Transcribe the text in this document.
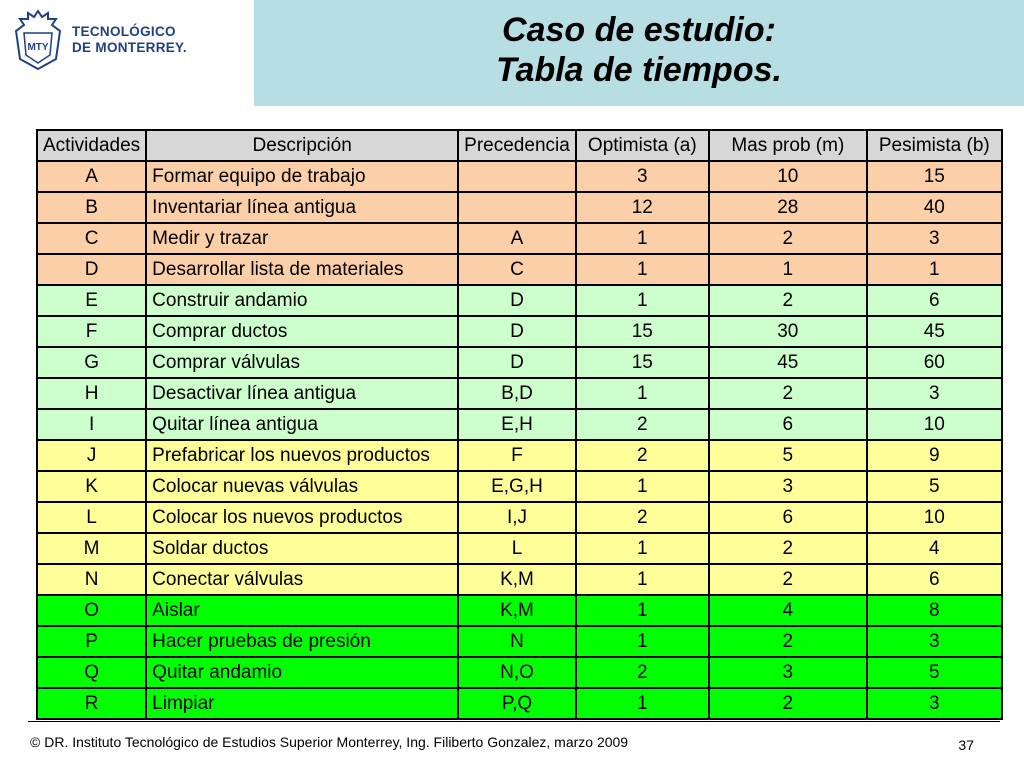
MTY
TECNOLÓGICO
DE MONTERREY.	Caso de estudio:
Tabla de tiempos.
Actividades	Descripción	Precedencia	Optimista (a)	Mas prob (m)	Pesimista (b)
A	Formar equipo de trabajo		3	10	15
B	Inventariar línea antigua		12	28	40
C	Medir y trazar	A	1	2	3
D	Desarrollar lista de materiales	C	1	1	1
E	Construir andamio	D	1	2	6
F	Comprar ductos	D	15	30	45
G	Comprar válvulas	D	15	45	60
H	Desactivar línea antigua	B,D	1	2	3
I	Quitar línea antigua	E,H	2	6	10
J	Prefabricar los nuevos productos	F	2	5	9
K	Colocar nuevas válvulas	E,G,H	1	3	5
L	Colocar los nuevos productos	I,J	2	6	10
M	Soldar ductos	L	1	2	4
N	Conectar válvulas	K,M	1	2	6
O	Aislar	K,M	1	4	8
P	Hacer pruebas de presión	N	1	2	3
Q	Quitar andamio	N,O	2	3	5
R	Limpiar	P,Q	1	2	3
© DR. Instituto Tecnológico de Estudios Superior Monterrey, Ing. Filiberto Gonzalez, marzo 2009	37
